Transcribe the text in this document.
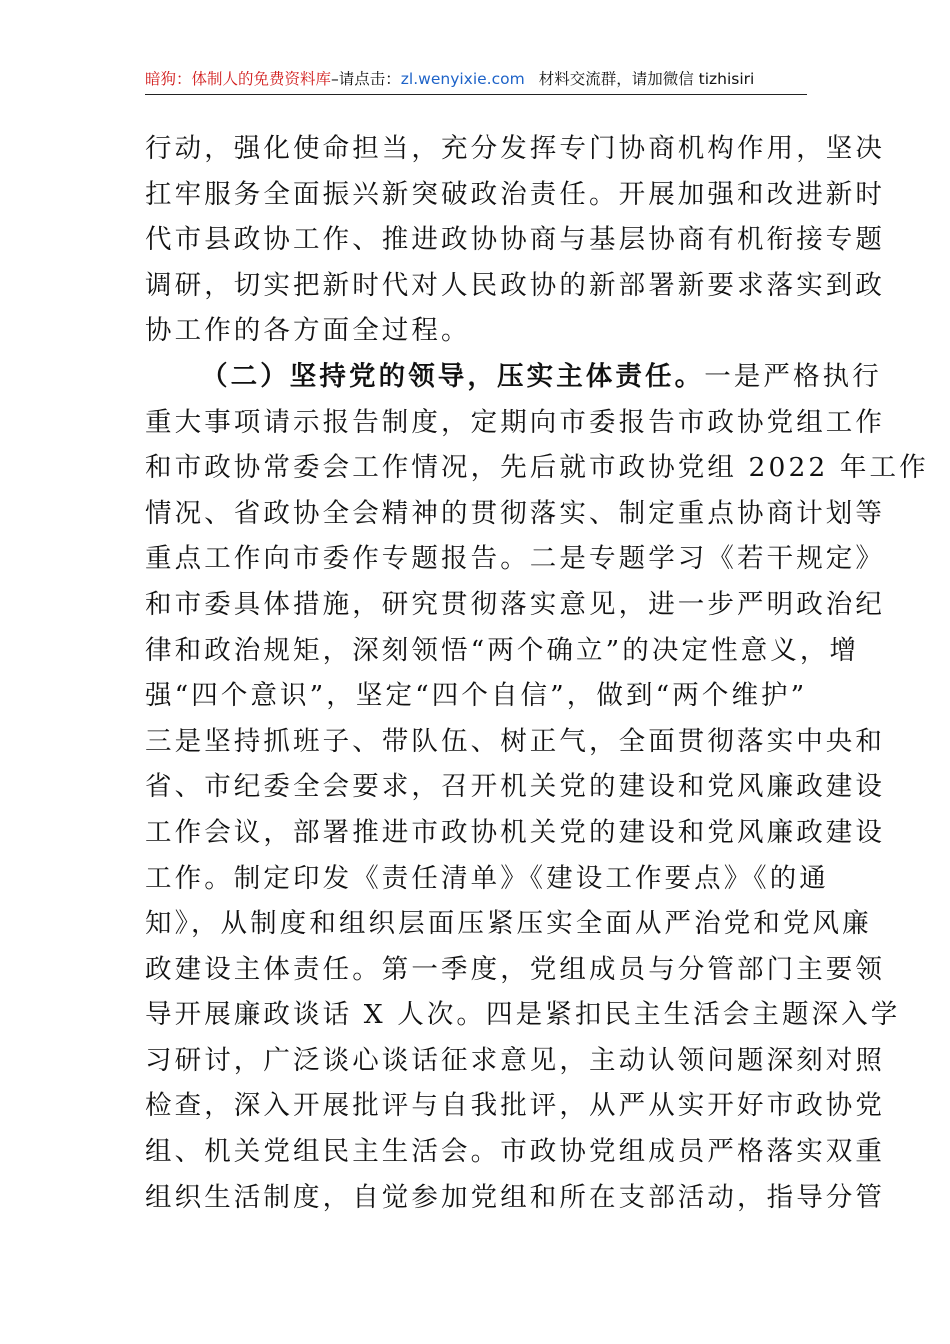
暗狗：体制人的免费资料库–请点击：zl.wenyixie.com 材料交流群，请加微信 tizhisiri
行动，强化使命担当，充分发挥专门协商机构作用，坚决
扛牢服务全面振兴新突破政治责任。开展加强和改进新时
代市县政协工作、推进政协协商与基层协商有机衔接专题
调研，切实把新时代对人民政协的新部署新要求落实到政
协工作的各方面全过程。
（二）坚持党的领导，压实主体责任。一是严格执行
重大事项请示报告制度，定期向市委报告市政协党组工作
和市政协常委会工作情况，先后就市政协党组 2022 年工作
情况、省政协全会精神的贯彻落实、制定重点协商计划等
重点工作向市委作专题报告。二是专题学习《若干规定》
和市委具体措施，研究贯彻落实意见，进一步严明政治纪
律和政治规矩，深刻领悟“两个确立”的决定性意义，增
强“四个意识”，坚定“四个自信”，做到“两个维护”
三是坚持抓班子、带队伍、树正气，全面贯彻落实中央和
省、市纪委全会要求，召开机关党的建设和党风廉政建设
工作会议，部署推进市政协机关党的建设和党风廉政建设
工作。制定印发《责任清单》《建设工作要点》《的通
知》，从制度和组织层面压紧压实全面从严治党和党风廉
政建设主体责任。第一季度，党组成员与分管部门主要领
导开展廉政谈话 X 人次。四是紧扣民主生活会主题深入学
习研讨，广泛谈心谈话征求意见，主动认领问题深刻对照
检查，深入开展批评与自我批评，从严从实开好市政协党
组、机关党组民主生活会。市政协党组成员严格落实双重
组织生活制度，自觉参加党组和所在支部活动，指导分管
